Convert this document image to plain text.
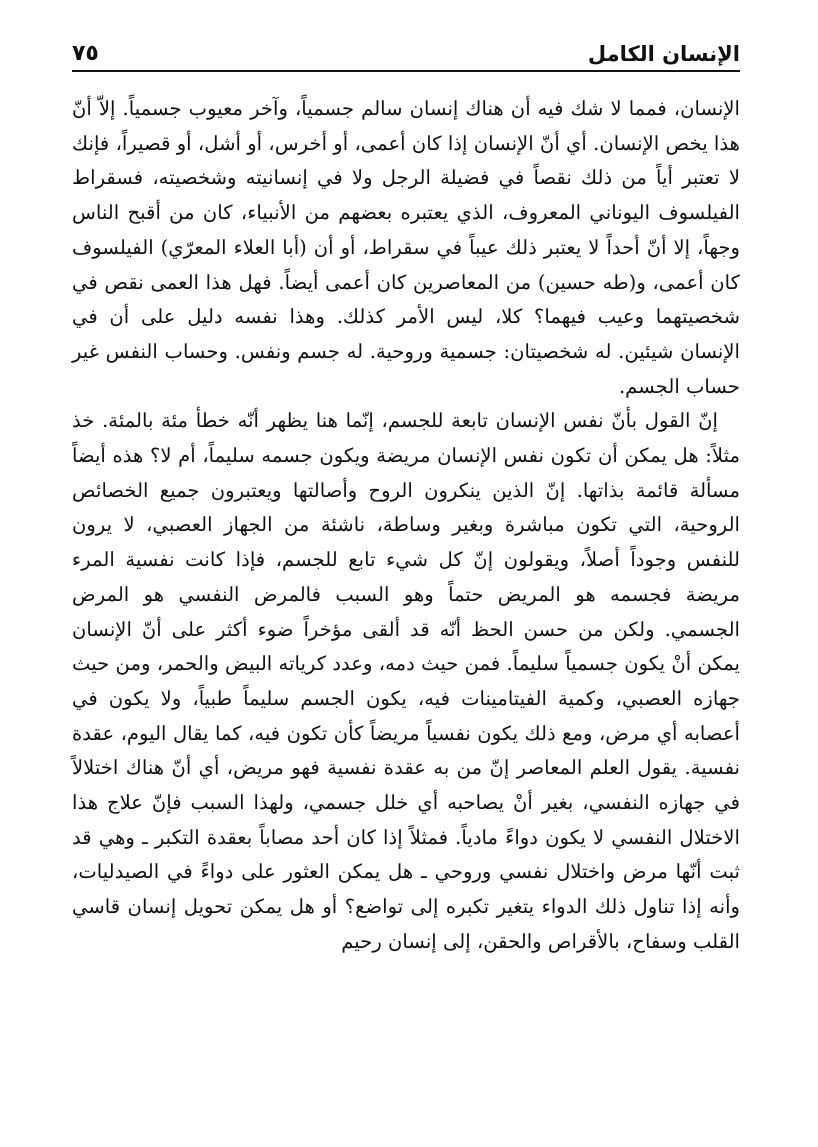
الإنسان الكامل
٧٥

الإنسان، فمما لا شك فيه أن هناك إنسان سالم جسمياً، وآخر معيوب جسمياً. إلاّ أنّ هذا يخص الإنسان. أي أنّ الإنسان إذا كان أعمى، أو أخرس، أو أشل، أو قصيراً، فإنك لا تعتبر أياً من ذلك نقصاً في فضيلة الرجل ولا في إنسانيته وشخصيته، فسقراط الفيلسوف اليوناني المعروف، الذي يعتبره بعضهم من الأنبياء، كان من أقبح الناس وجهاً، إلا أنّ أحداً لا يعتبر ذلك عيباً في سقراط، أو أن (أبا العلاء المعرّي) الفيلسوف كان أعمى، و(طه حسين) من المعاصرين كان أعمى أيضاً. فهل هذا العمى نقص في شخصيتهما وعيب فيهما؟ كلا، ليس الأمر كذلك. وهذا نفسه دليل على أن في الإنسان شيئين. له شخصيتان: جسمية وروحية. له جسم ونفس. وحساب النفس غير حساب الجسم.

إنّ القول بأنّ نفس الإنسان تابعة للجسم، إنّما هنا يظهر أنّه خطأ مئة بالمئة. خذ مثلاً: هل يمكن أن تكون نفس الإنسان مريضة ويكون جسمه سليماً، أم لا؟ هذه أيضاً مسألة قائمة بذاتها. إنّ الذين ينكرون الروح وأصالتها ويعتبرون جميع الخصائص الروحية، التي تكون مباشرة وبغير وساطة، ناشئة من الجهاز العصبي، لا يرون للنفس وجوداً أصلاً، ويقولون إنّ كل شيء تابع للجسم، فإذا كانت نفسية المرء مريضة فجسمه هو المريض حتماً وهو السبب فالمرض النفسي هو المرض الجسمي. ولكن من حسن الحظ أنّه قد ألقى مؤخراً ضوء أكثر على أنّ الإنسان يمكن أنْ يكون جسمياً سليماً. فمن حيث دمه، وعدد كرياته البيض والحمر، ومن حيث جهازه العصبي، وكمية الفيتامينات فيه، يكون الجسم سليماً طبياً، ولا يكون في أعصابه أي مرض، ومع ذلك يكون نفسياً مريضاً كأن تكون فيه، كما يقال اليوم، عقدة نفسية. يقول العلم المعاصر إنّ من به عقدة نفسية فهو مريض، أي أنّ هناك اختلالاً في جهازه النفسي، بغير أنْ يصاحبه أي خلل جسمي، ولهذا السبب فإنّ علاج هذا الاختلال النفسي لا يكون دواءً مادياً. فمثلاً إذا كان أحد مصاباً بعقدة التكبر ـ وهي قد ثبت أنّها مرض واختلال نفسي وروحي ـ هل يمكن العثور على دواءً في الصيدليات، وأنه إذا تناول ذلك الدواء يتغير تكبره إلى تواضع؟ أو هل يمكن تحويل إنسان قاسي القلب وسفاح، بالأقراص والحقن، إلى إنسان رحيم
